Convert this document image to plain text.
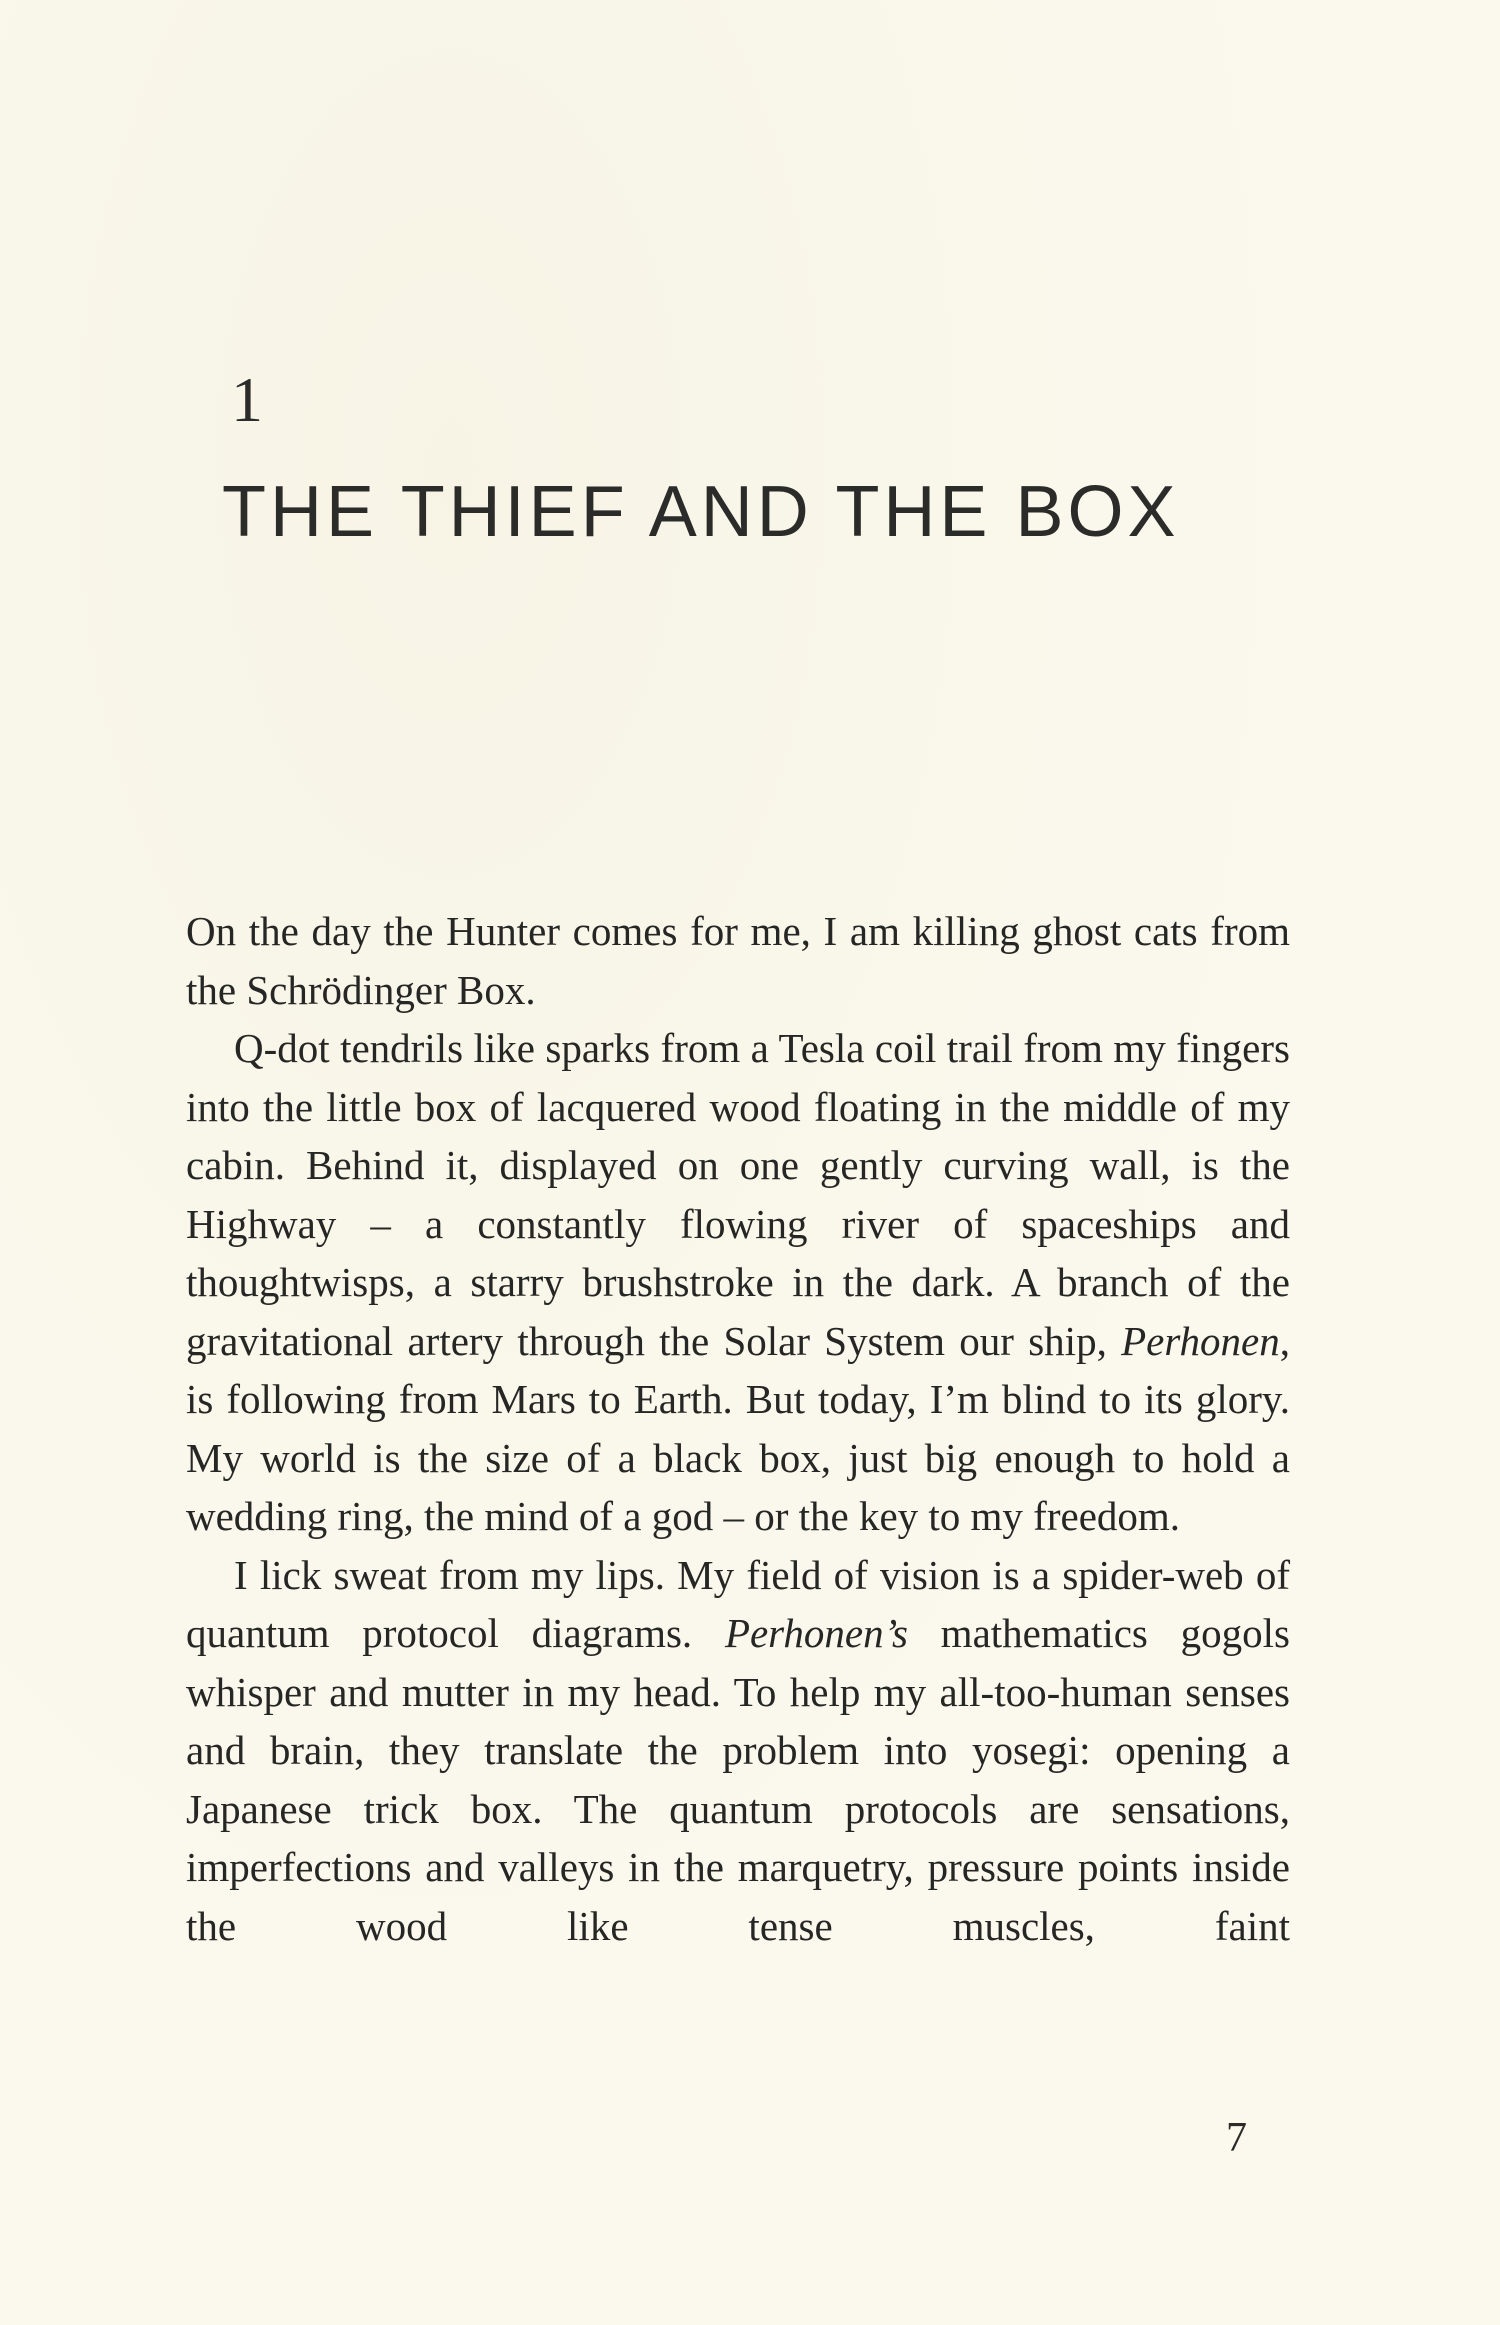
1
THE THIEF AND THE BOX

On the day the Hunter comes for me, I am killing ghost cats from the Schrödinger Box.

Q-dot tendrils like sparks from a Tesla coil trail from my fingers into the little box of lacquered wood floating in the middle of my cabin. Behind it, displayed on one gently curving wall, is the Highway – a constantly flowing river of spaceships and thoughtwisps, a starry brushstroke in the dark. A branch of the gravitational artery through the Solar System our ship, Perhonen, is following from Mars to Earth. But today, I’m blind to its glory. My world is the size of a black box, just big enough to hold a wedding ring, the mind of a god – or the key to my freedom.

I lick sweat from my lips. My field of vision is a spider-web of quantum protocol diagrams. Perhonen’s mathematics gogols whisper and mutter in my head. To help my all-too-human senses and brain, they translate the problem into yosegi: opening a Japanese trick box. The quantum protocols are sensations, imperfections and valleys in the marquetry, pressure points inside the wood like tense muscles, faint

7
